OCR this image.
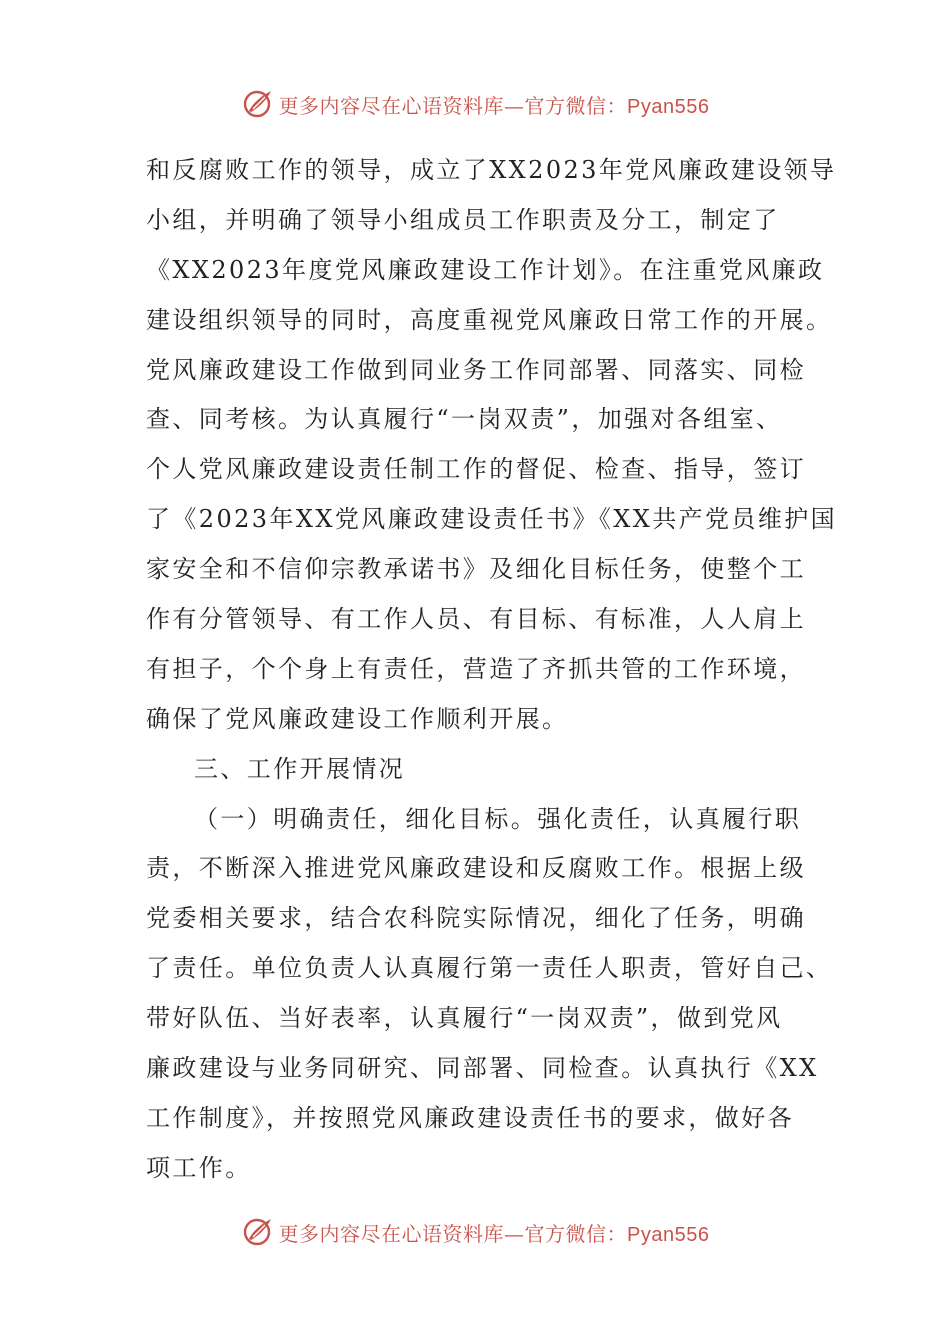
更多内容尽在心语资料库—官方微信：Pyan556
和反腐败工作的领导，成立了XX2023年党风廉政建设领导
小组，并明确了领导小组成员工作职责及分工，制定了
《XX2023年度党风廉政建设工作计划》。在注重党风廉政
建设组织领导的同时，高度重视党风廉政日常工作的开展。
党风廉政建设工作做到同业务工作同部署、同落实、同检
查、同考核。为认真履行“一岗双责”，加强对各组室、
个人党风廉政建设责任制工作的督促、检查、指导，签订
了《2023年XX党风廉政建设责任书》《XX共产党员维护国
家安全和不信仰宗教承诺书》及细化目标任务，使整个工
作有分管领导、有工作人员、有目标、有标准，人人肩上
有担子，个个身上有责任，营造了齐抓共管的工作环境，
确保了党风廉政建设工作顺利开展。
三、工作开展情况
（一）明确责任，细化目标。强化责任，认真履行职
责，不断深入推进党风廉政建设和反腐败工作。根据上级
党委相关要求，结合农科院实际情况，细化了任务，明确
了责任。单位负责人认真履行第一责任人职责，管好自己、
带好队伍、当好表率，认真履行“一岗双责”，做到党风
廉政建设与业务同研究、同部署、同检查。认真执行《XX
工作制度》，并按照党风廉政建设责任书的要求，做好各
项工作。
更多内容尽在心语资料库—官方微信：Pyan556
